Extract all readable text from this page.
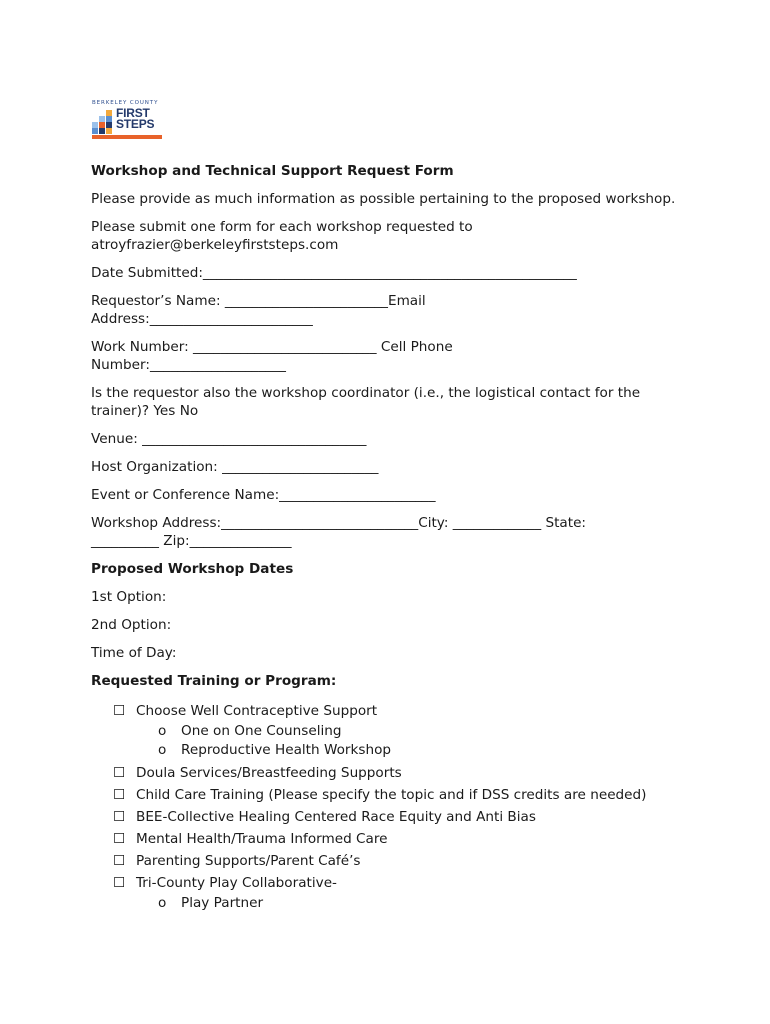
BERKELEY COUNTY
FIRST
STEPS

Workshop and Technical Support Request Form

Please provide as much information as possible pertaining to the proposed workshop.

Please submit one form for each workshop requested to
atroyfrazier@berkeleyfirststeps.com

Date Submitted:_______________________________________________________

Requestor’s Name: ________________________Email
Address:________________________

Work Number: ___________________________ Cell Phone
Number:____________________

Is the requestor also the workshop coordinator (i.e., the logistical contact for the
trainer)? Yes No

Venue: _________________________________

Host Organization: _______________________

Event or Conference Name:_______________________

Workshop Address:_____________________________City: _____________ State:
__________ Zip:_______________

Proposed Workshop Dates

1st Option:

2nd Option:

Time of Day:

Requested Training or Program:

☐ Choose Well Contraceptive Support
o One on One Counseling
o Reproductive Health Workshop
☐ Doula Services/Breastfeeding Supports
☐ Child Care Training (Please specify the topic and if DSS credits are needed)
☐ BEE-Collective Healing Centered Race Equity and Anti Bias
☐ Mental Health/Trauma Informed Care
☐ Parenting Supports/Parent Café’s
☐ Tri-County Play Collaborative-
o Play Partner
